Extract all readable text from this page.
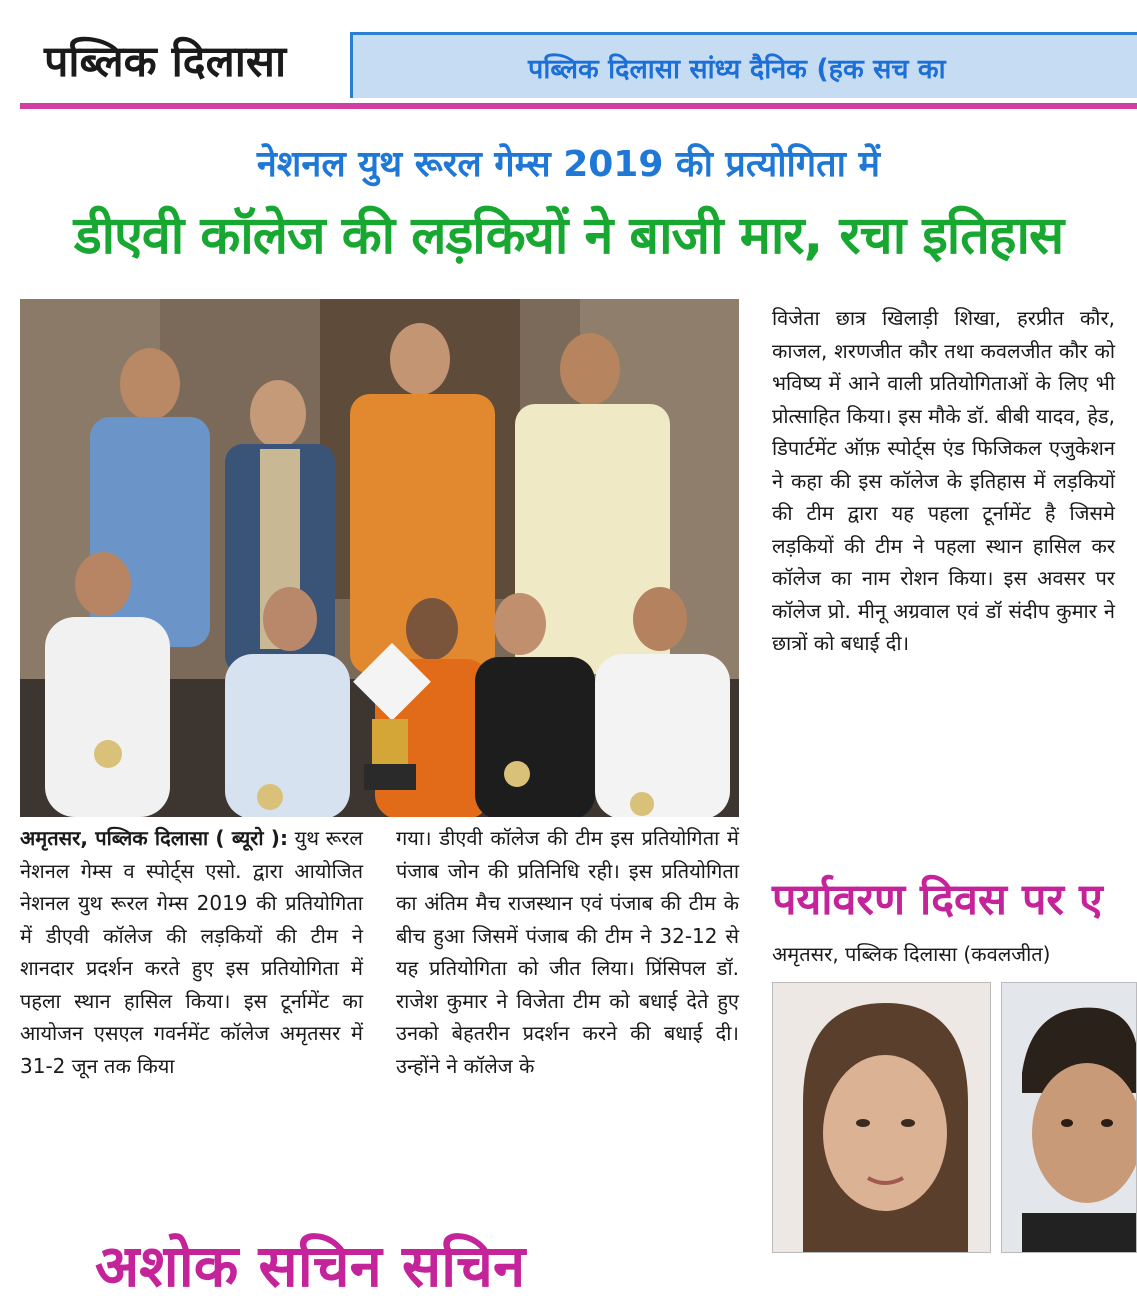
पब्लिक दिलासा	पब्लिक दिलासा सांध्य दैनिक (हक सच का
नेशनल युथ रूरल गेम्स 2019 की प्रत्योगिता में
डीएवी कॉलेज की लड़कियों ने बाजी मार, रचा इतिहास

अमृतसर, पब्लिक दिलासा ( ब्यूरो ): युथ रूरल नेशनल गेम्स व स्पोर्ट्स एसो. द्वारा आयोजित नेशनल युथ रूरल गेम्स 2019 की प्रतियोगिता में डीएवी कॉलेज की लड़कियों की टीम ने शानदार प्रदर्शन करते हुए इस प्रतियोगिता में पहला स्थान हासिल किया। इस टूर्नामेंट का आयोजन एसएल गवर्नमेंट कॉलेज अमृतसर में 31-2 जून तक किया

गया। डीएवी कॉलेज की टीम इस प्रतियोगिता में पंजाब जोन की प्रतिनिधि रही। इस प्रतियोगिता का अंतिम मैच राजस्थान एवं पंजाब की टीम के बीच हुआ जिसमें पंजाब की टीम ने 32-12 से यह प्रतियोगिता को जीत लिया। प्रिंसिपल डॉ. राजेश कुमार ने विजेता टीम को बधाई देते हुए उनको बेहतरीन प्रदर्शन करने की बधाई दी। उन्होंने ने कॉलेज के

विजेता छात्र खिलाड़ी शिखा, हरप्रीत कौर, काजल, शरणजीत कौर तथा कवलजीत कौर को भविष्य में आने वाली प्रतियोगिताओं के लिए भी प्रोत्साहित किया। इस मौके डॉ. बीबी यादव, हेड, डिपार्टमेंट ऑफ़ स्पोर्ट्स एंड फिजिकल एजुकेशन ने कहा की इस कॉलेज के इतिहास में लड़कियों की टीम द्वारा यह पहला टूर्नामेंट है जिसमे लड़कियों की टीम ने पहला स्थान हासिल कर कॉलेज का नाम रोशन किया। इस अवसर पर कॉलेज प्रो. मीनू अग्रवाल एवं डॉ संदीप कुमार ने छात्रों को बधाई दी।

पर्यावरण दिवस पर ए
अमृतसर, पब्लिक दिलासा (कवलजीत)
अशोक सचिन सचिन
